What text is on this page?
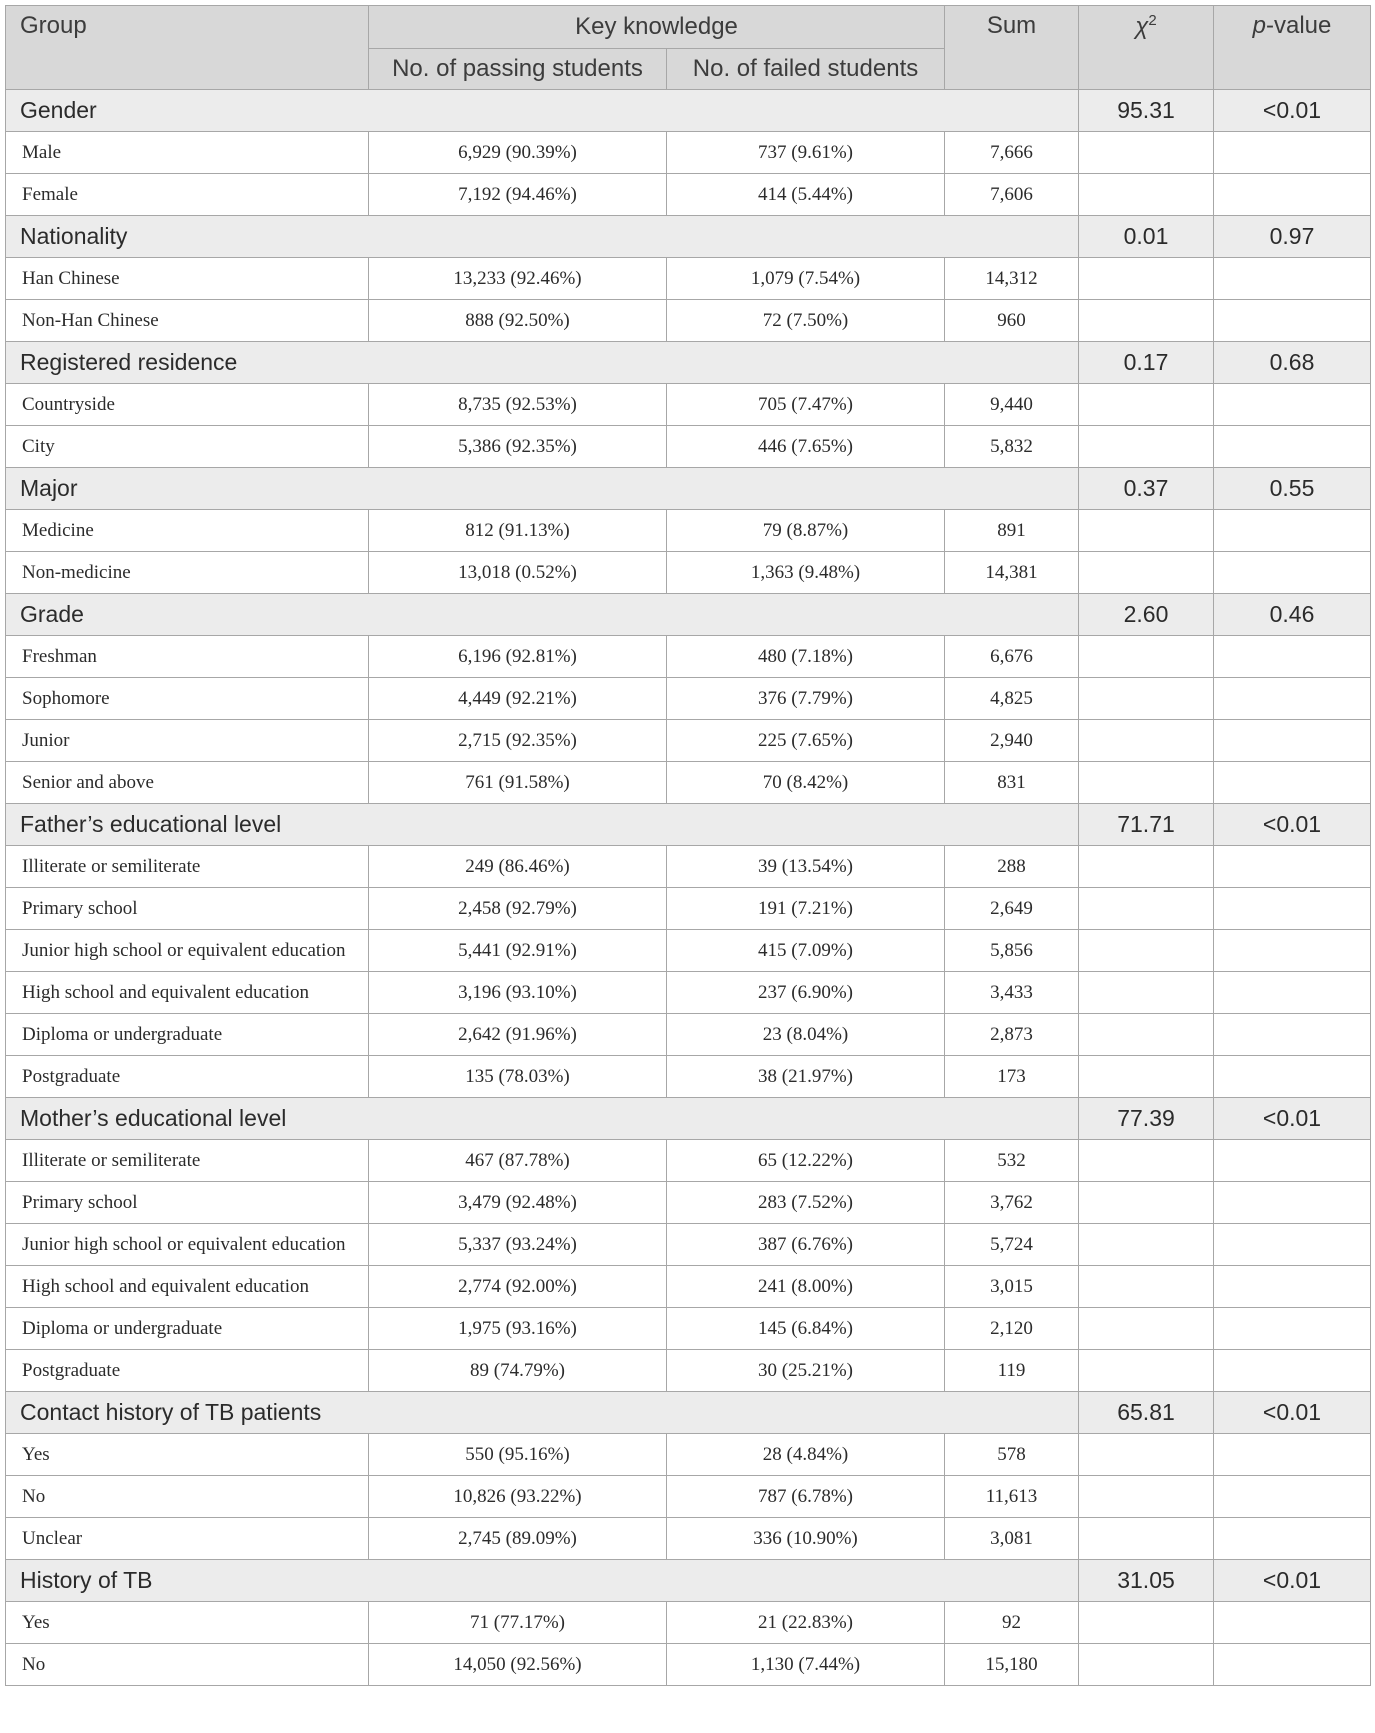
Group	Key knowledge		Sum	$\chi^2$	p-value
	No. of passing students	No. of failed students			
Gender				95.31	<0.01
Male	6,929 (90.39%)	737 (9.61%)	7,666		
Female	7,192 (94.46%)	414 (5.44%)	7,606		
Nationality				0.01	0.97
Han Chinese	13,233 (92.46%)	1,079 (7.54%)	14,312		
Non-Han Chinese	888 (92.50%)	72 (7.50%)	960		
Registered residence				0.17	0.68
Countryside	8,735 (92.53%)	705 (7.47%)	9,440		
City	5,386 (92.35%)	446 (7.65%)	5,832		
Major				0.37	0.55
Medicine	812 (91.13%)	79 (8.87%)	891		
Non-medicine	13,018 (0.52%)	1,363 (9.48%)	14,381		
Grade				2.60	0.46
Freshman	6,196 (92.81%)	480 (7.18%)	6,676		
Sophomore	4,449 (92.21%)	376 (7.79%)	4,825		
Junior	2,715 (92.35%)	225 (7.65%)	2,940		
Senior and above	761 (91.58%)	70 (8.42%)	831		
Father’s educational level				71.71	<0.01
Illiterate or semiliterate	249 (86.46%)	39 (13.54%)	288		
Primary school	2,458 (92.79%)	191 (7.21%)	2,649		
Junior high school or equivalent education	5,441 (92.91%)	415 (7.09%)	5,856		
High school and equivalent education	3,196 (93.10%)	237 (6.90%)	3,433		
Diploma or undergraduate	2,642 (91.96%)	23 (8.04%)	2,873		
Postgraduate	135 (78.03%)	38 (21.97%)	173		
Mother’s educational level				77.39	<0.01
Illiterate or semiliterate	467 (87.78%)	65 (12.22%)	532		
Primary school	3,479 (92.48%)	283 (7.52%)	3,762		
Junior high school or equivalent education	5,337 (93.24%)	387 (6.76%)	5,724		
High school and equivalent education	2,774 (92.00%)	241 (8.00%)	3,015		
Diploma or undergraduate	1,975 (93.16%)	145 (6.84%)	2,120		
Postgraduate	89 (74.79%)	30 (25.21%)	119		
Contact history of TB patients				65.81	<0.01
Yes	550 (95.16%)	28 (4.84%)	578		
No	10,826 (93.22%)	787 (6.78%)	11,613		
Unclear	2,745 (89.09%)	336 (10.90%)	3,081		
History of TB				31.05	<0.01
Yes	71 (77.17%)	21 (22.83%)	92		
No	14,050 (92.56%)	1,130 (7.44%)	15,180		
